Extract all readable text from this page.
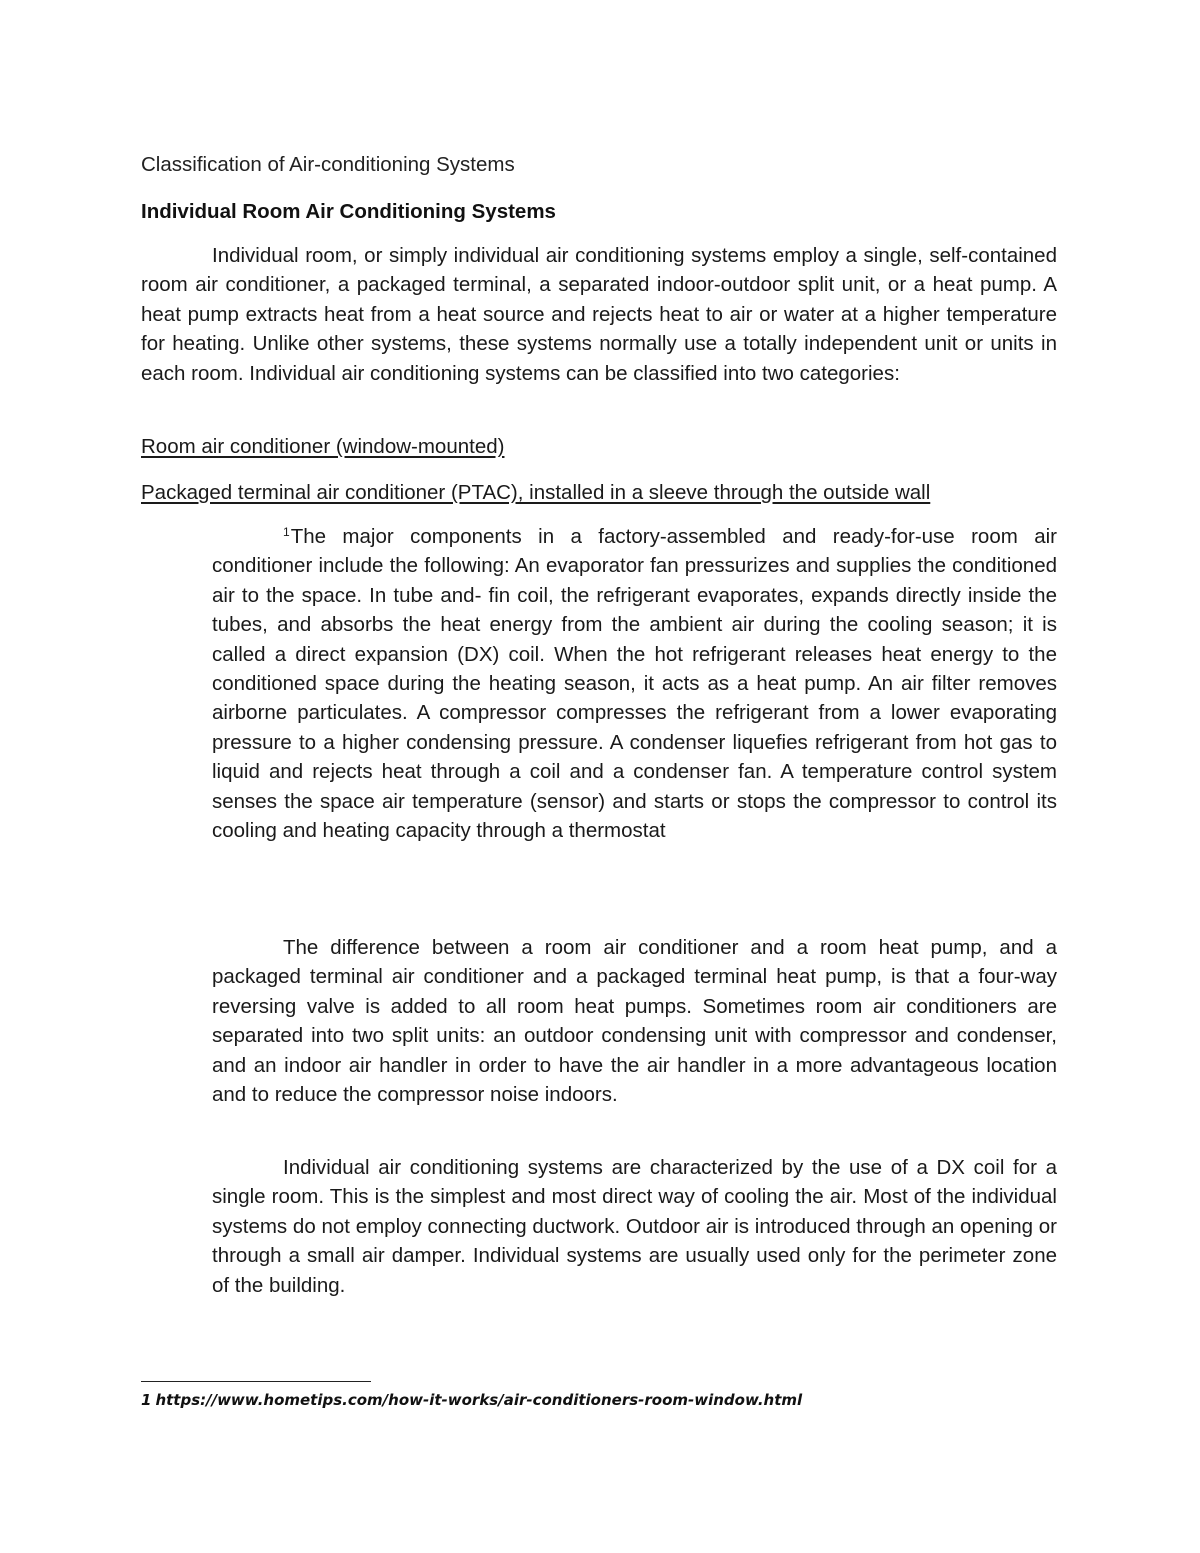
Classification of Air-conditioning Systems
Individual Room Air Conditioning Systems

Individual room, or simply individual air conditioning systems employ a single, self-contained room air conditioner, a packaged terminal, a separated indoor-outdoor split unit, or a heat pump. A heat pump extracts heat from a heat source and rejects heat to air or water at a higher temperature for heating. Unlike other systems, these systems normally use a totally independent unit or units in each room. Individual air conditioning systems can be classified into two categories:

Room air conditioner (window-mounted)
Packaged terminal air conditioner (PTAC), installed in a sleeve through the outside wall

$^1$The major components in a factory-assembled and ready-for-use room air conditioner include the following: An evaporator fan pressurizes and supplies the conditioned air to the space. In tube and- fin coil, the refrigerant evaporates, expands directly inside the tubes, and absorbs the heat energy from the ambient air during the cooling season; it is called a direct expansion (DX) coil. When the hot refrigerant releases heat energy to the conditioned space during the heating season, it acts as a heat pump. An air filter removes airborne particulates. A compressor compresses the refrigerant from a lower evaporating pressure to a higher condensing pressure. A condenser liquefies refrigerant from hot gas to liquid and rejects heat through a coil and a condenser fan. A temperature control system senses the space air temperature (sensor) and starts or stops the compressor to control its cooling and heating capacity through a thermostat

The difference between a room air conditioner and a room heat pump, and a packaged terminal air conditioner and a packaged terminal heat pump, is that a four-way reversing valve is added to all room heat pumps. Sometimes room air conditioners are separated into two split units: an outdoor condensing unit with compressor and condenser, and an indoor air handler in order to have the air handler in a more advantageous location and to reduce the compressor noise indoors.

Individual air conditioning systems are characterized by the use of a DX coil for a single room. This is the simplest and most direct way of cooling the air. Most of the individual systems do not employ connecting ductwork. Outdoor air is introduced through an opening or through a small air damper. Individual systems are usually used only for the perimeter zone of the building.

1 https://www.hometips.com/how-it-works/air-conditioners-room-window.html
